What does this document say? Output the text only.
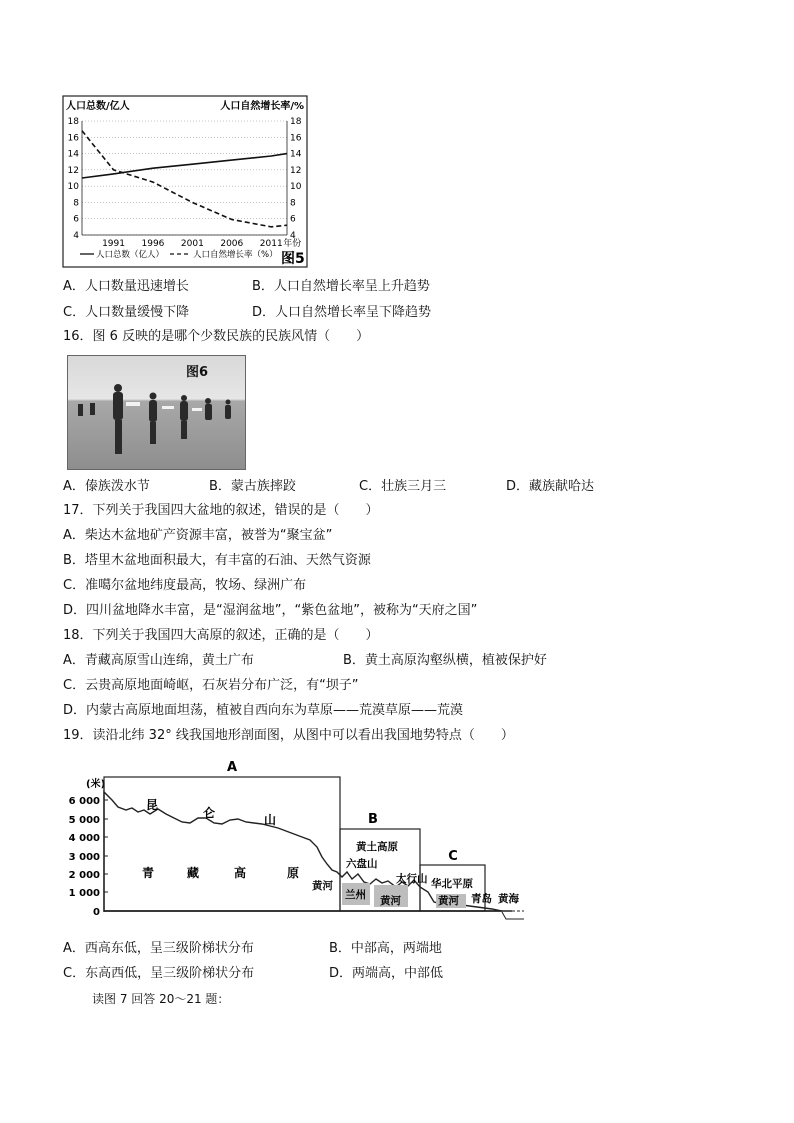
人口总数/亿人	人口自然增长率/%
18	18
16	16
14	14
12	12
10	10
8	8
6	6
4	4
1991 1996 2001 2006 2011 年份
人口总数（亿人）	人口自然增长率（%） 图5
A．人口数量迅速增长	B．人口自然增长率呈上升趋势
C．人口数量缓慢下降	D．人口自然增长率呈下降趋势
16．图 6 反映的是哪个少数民族的民族风情（　　）
图6
A．傣族泼水节	B．蒙古族摔跤	C．壮族三月三	D．藏族献哈达
17．下列关于我国四大盆地的叙述，错误的是（　　）
A．柴达木盆地矿产资源丰富，被誉为“聚宝盆”
B．塔里木盆地面积最大，有丰富的石油、天然气资源
C．准噶尔盆地纬度最高，牧场、绿洲广布
D．四川盆地降水丰富，是“湿润盆地”，“紫色盆地”，被称为“天府之国”
18．下列关于我国四大高原的叙述，正确的是（　　）
A．青藏高原雪山连绵，黄土广布	B．黄土高原沟壑纵横，植被保护好
C．云贵高原地面崎岖，石灰岩分布广泛，有“坝子”
D．内蒙古高原地面坦荡，植被自西向东为草原——荒漠草原——荒漠
19．读沿北纬 32° 线我国地形剖面图，从图中可以看出我国地势特点（　　）
(米)
6 000
5 000
4 000
3 000
2 000
1 000
0
A
B
C
昆
仑	山
青	藏	高	原
黄河
黄土高原
六盘山
兰州 黄河
太行山 华北平原
黄河 青岛 黄海
A．西高东低，呈三级阶梯状分布	B．中部高，两端地
C．东高西低，呈三级阶梯状分布	D．两端高，中部低
读图 7 回答 20～21 题：
